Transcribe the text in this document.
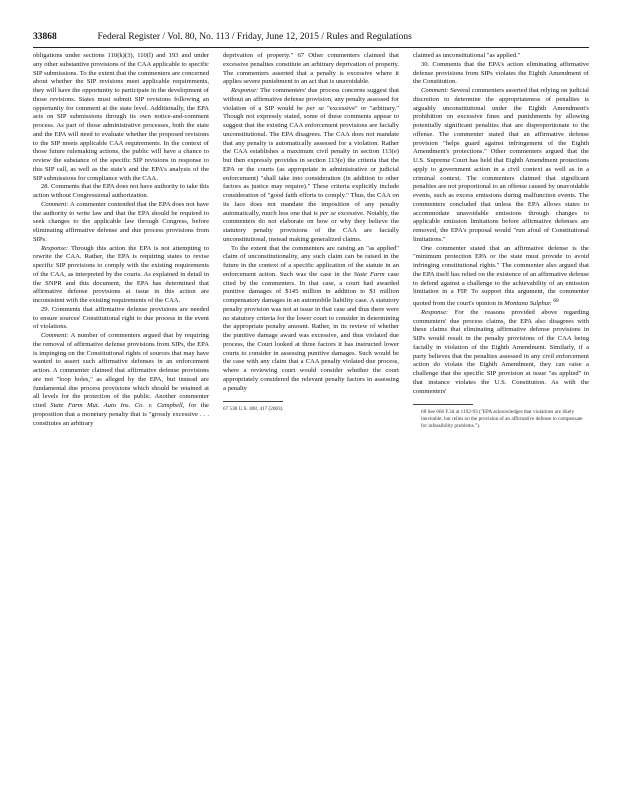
33868	Federal Register / Vol. 80, No. 113 / Friday, June 12, 2015 / Rules and Regulations

obligations under sections 110(k)(3), 110(l) and 193 and under any other substantive provisions of the CAA applicable to specific SIP submissions. To the extent that the commenters are concerned about whether the SIP revisions meet applicable requirements, they will have the opportunity to participate in the development of those revisions. States must submit SIP revisions following an opportunity for comment at the state level. Additionally, the EPA acts on SIP submissions through its own notice-and-comment process. As part of those administrative processes, both the state and the EPA will need to evaluate whether the proposed revisions to the SIP meets applicable CAA requirements. In the context of those future rulemaking actions, the public will have a chance to review the substance of the specific SIP revisions in response to this SIP call, as well as the state's and the EPA's analysis of the SIP submissions for compliance with the CAA.

28. Comments that the EPA does not have authority to take this action without Congressional authorization.

Comment: A commenter contended that the EPA does not have the authority to write law and that the EPA should be required to seek changes to the applicable law through Congress, before eliminating affirmative defense and due process provisions from SIPs.

Response: Through this action the EPA is not attempting to rewrite the CAA. Rather, the EPA is requiring states to revise specific SIP provisions to comply with the existing requirements of the CAA, as interpreted by the courts. As explained in detail in the SNPR and this document, the EPA has determined that affirmative defense provisions at issue in this action are inconsistent with the existing requirements of the CAA.

29. Comments that affirmative defense provisions are needed to ensure sources' Constitutional right to due process in the event of violations.

Comment: A number of commenters argued that by requiring the removal of affirmative defense provisions from SIPs, the EPA is impinging on the Constitutional rights of sources that may have wanted to assert such affirmative defenses in an enforcement action. A commenter claimed that affirmative defense provisions are not "loop holes," as alleged by the EPA, but instead are fundamental due process provisions which should be retained at all levels for the protection of the public. Another commenter cited State Farm Mut. Auto Ins. Co. v. Campbell, for the proposition that a monetary penalty that is "grossly excessive . . . constitutes an arbitrary

deprivation of property." 67 Other commenters claimed that excessive penalties constitute an arbitrary deprivation of property. The commenters asserted that a penalty is excessive where it applies severe punishment to an act that is unavoidable.

Response: The commenters' due process concerns suggest that without an affirmative defense provision, any penalty assessed for violation of a SIP would be per se "excessive" or "arbitrary." Though not expressly stated, some of these comments appear to suggest that the existing CAA enforcement provisions are facially unconstitutional. The EPA disagrees. The CAA does not mandate that any penalty is automatically assessed for a violation. Rather the CAA establishes a maximum civil penalty in section 113(e) but then expressly provides in section 113(e) the criteria that the EPA or the courts (as appropriate in administrative or judicial enforcement) "shall take into consideration (in addition to other factors as justice may require)." These criteria explicitly include consideration of "good faith efforts to comply." Thus, the CAA on its face does not mandate the imposition of any penalty automatically, much less one that is per se excessive. Notably, the commenters do not elaborate on how or why they believe the statutory penalty provisions of the CAA are facially unconstitutional, instead making generalized claims.

To the extent that the commenters are raising an "as applied" claim of unconstitutionality, any such claim can be raised in the future in the context of a specific application of the statute in an enforcement action. Such was the case in the State Farm case cited by the commenters. In that case, a court had awarded punitive damages of $145 million in addition to $1 million compensatory damages in an automobile liability case. A statutory penalty provision was not at issue in that case and thus there were no statutory criteria for the lower court to consider in determining the appropriate penalty amount. Rather, in its review of whether the punitive damage award was excessive, and thus violated due process, the Court looked at three factors it has instructed lower courts to consider in assessing punitive damages. Such would be the case with any claim that a CAA penalty violated due process, where a reviewing court would consider whether the court appropriately considered the relevant penalty factors in assessing a penalty

67 538 U.S. 408, 417 (2003).

claimed as unconstitutional "as applied."

30. Comments that the EPA's action eliminating affirmative defense provisions from SIPs violates the Eighth Amendment of the Constitution.

Comment: Several commenters asserted that relying on judicial discretion to determine the appropriateness of penalties is arguably unconstitutional under the Eighth Amendment's prohibition on excessive fines and punishments by allowing potentially significant penalties that are disproportionate to the offense. The commenter stated that an affirmative defense provision "helps guard against infringement of the Eighth Amendment's protections." Other commenters argued that the U.S. Supreme Court has held that Eighth Amendment protections apply to government action in a civil context as well as in a criminal context. The commenters claimed that significant penalties are not proportional to an offense caused by unavoidable events, such as excess emissions during malfunction events. The commenters concluded that unless the EPA allows states to accommodate unavoidable emissions through changes to applicable emission limitations before affirmative defenses are removed, the EPA's proposal would "run afoul of Constitutional limitations."

One commenter stated that an affirmative defense is the "minimum protection EPA or the state must provide to avoid infringing constitutional rights." The commenter also argued that the EPA itself has relied on the existence of an affirmative defense to defend against a challenge to the achievability of an emission limitation in a FIP. To support this argument, the commenter quoted from the court's opinion in Montana Sulphur. $^{68}$

Response: For the reasons provided above regarding commenters' due process claims, the EPA also disagrees with these claims that eliminating affirmative defense provisions in SIPs would result in the penalty provisions of the CAA being facially in violation of the Eighth Amendment. Similarly, if a party believes that the penalties assessed in any civil enforcement action do violate the Eighth Amendment, they can raise a challenge that the specific SIP provision at issue "as applied" in that instance violates the U.S. Constitution. As with the commenters'

68 See 666 F.3d at 1192-93 ("EPA acknowledges that violations are likely inevitable, but relies on the provision of an affirmative defense to compensate for infeasibility problems.").
